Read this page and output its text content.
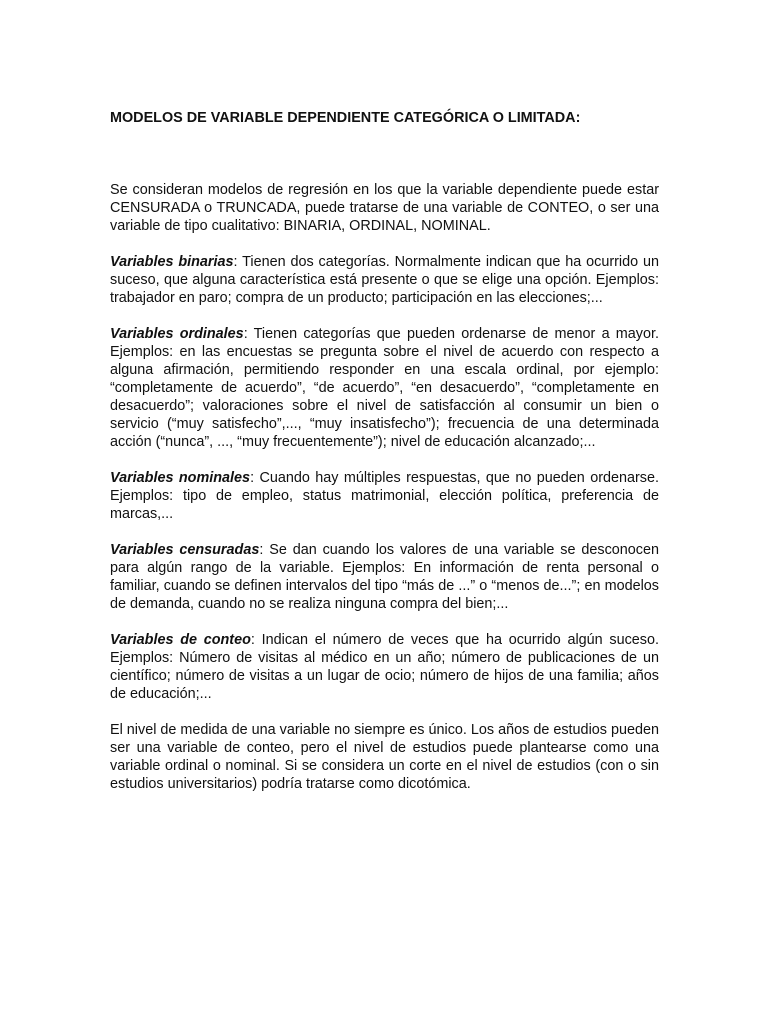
MODELOS DE VARIABLE DEPENDIENTE CATEGÓRICA O LIMITADA:

Se consideran modelos de regresión en los que la variable dependiente puede estar CENSURADA o TRUNCADA, puede tratarse de una variable de CONTEO, o ser una variable de tipo cualitativo: BINARIA, ORDINAL, NOMINAL.

Variables binarias: Tienen dos categorías. Normalmente indican que ha ocurrido un suceso, que alguna característica está presente o que se elige una opción. Ejemplos: trabajador en paro; compra de un producto; participación en las elecciones;...

Variables ordinales: Tienen categorías que pueden ordenarse de menor a mayor. Ejemplos: en las encuestas se pregunta sobre el nivel de acuerdo con respecto a alguna afirmación, permitiendo responder en una escala ordinal, por ejemplo: “completamente de acuerdo”, “de acuerdo”, “en desacuerdo”, “completamente en desacuerdo”; valoraciones sobre el nivel de satisfacción al consumir un bien o servicio (“muy satisfecho”,..., “muy insatisfecho”); frecuencia de una determinada acción (“nunca”, ..., “muy frecuentemente”); nivel de educación alcanzado;...

Variables nominales: Cuando hay múltiples respuestas, que no pueden ordenarse. Ejemplos: tipo de empleo, status matrimonial, elección política, preferencia de marcas,...

Variables censuradas: Se dan cuando los valores de una variable se desconocen para algún rango de la variable. Ejemplos: En información de renta personal o familiar, cuando se definen intervalos del tipo “más de ...” o “menos de...”; en modelos de demanda, cuando no se realiza ninguna compra del bien;...

Variables de conteo: Indican el número de veces que ha ocurrido algún suceso. Ejemplos: Número de visitas al médico en un año; número de publicaciones de un científico; número de visitas a un lugar de ocio; número de hijos de una familia; años de educación;...

El nivel de medida de una variable no siempre es único. Los años de estudios pueden ser una variable de conteo, pero el nivel de estudios puede plantearse como una variable ordinal o nominal. Si se considera un corte en el nivel de estudios (con o sin estudios universitarios) podría tratarse como dicotómica.
